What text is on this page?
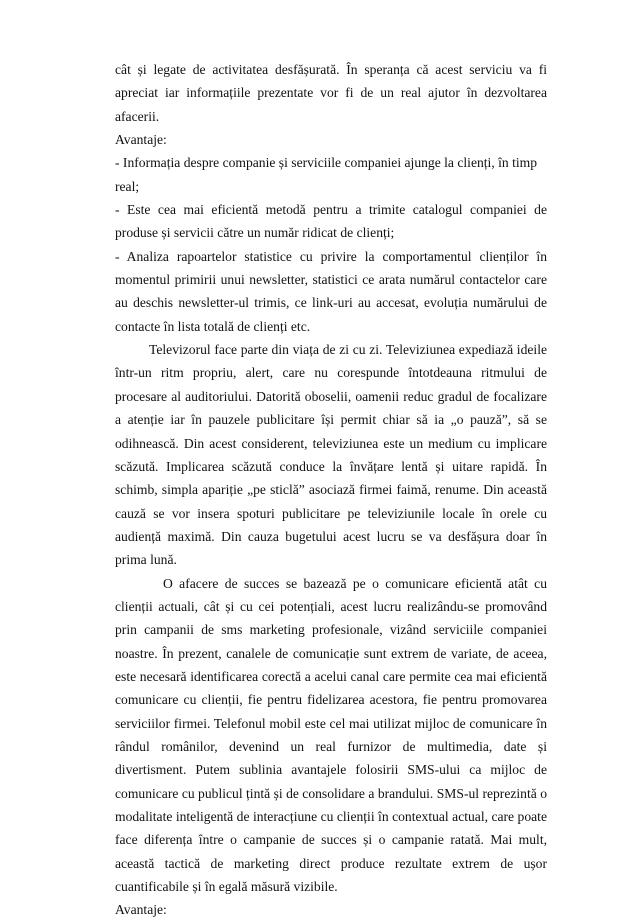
cât și legate de activitatea desfășurată. În speranța că acest serviciu va fi apreciat iar informațiile prezentate vor fi de un real ajutor în dezvoltarea afacerii.

Avantaje:

- Informația despre companie și serviciile companiei ajunge la clienți, în timp real;

- Este cea mai eficientă metodă pentru a trimite catalogul companiei de produse și servicii către un număr ridicat de clienți;

- Analiza rapoartelor statistice cu privire la comportamentul clienților în momentul primirii unui newsletter, statistici ce arata numărul contactelor care au deschis newsletter-ul trimis, ce link-uri au accesat, evoluția numărului de contacte în lista totală de clienți etc.

Televizorul face parte din viața de zi cu zi. Televiziunea expediază ideile într-un ritm propriu, alert, care nu corespunde întotdeauna ritmului de procesare al auditoriului. Datorită oboselii, oamenii reduc gradul de focalizare a atenție iar în pauzele publicitare își permit chiar să ia „o pauză”, să se odihnească. Din acest considerent, televiziunea este un medium cu implicare scăzută. Implicarea scăzută conduce la învățare lentă și uitare rapidă. În schimb, simpla apariție „pe sticlă” asociază firmei faimă, renume. Din această cauză se vor insera spoturi publicitare pe televiziunile locale în orele cu audiență maximă. Din cauza bugetului acest lucru se va desfășura doar în prima lună.

O afacere de succes se bazează pe o comunicare eficientă atât cu clienții actuali, cât și cu cei potențiali, acest lucru realizându-se promovând prin campanii de sms marketing profesionale, vizând serviciile companiei noastre. În prezent, canalele de comunicație sunt extrem de variate, de aceea, este necesară identificarea corectă a acelui canal care permite cea mai eficientă comunicare cu clienții, fie pentru fidelizarea acestora, fie pentru promovarea serviciilor firmei. Telefonul mobil este cel mai utilizat mijloc de comunicare în rândul românilor, devenind un real furnizor de multimedia, date și divertisment. Putem sublinia avantajele folosirii SMS-ului ca mijloc de comunicare cu publicul țintă și de consolidare a brandului. SMS-ul reprezintă o modalitate inteligentă de interacțiune cu clienții în contextual actual, care poate face diferența între o campanie de succes și o campanie ratată. Mai mult, această tactică de marketing direct produce rezultate extrem de ușor cuantificabile și în egală măsură vizibile.

Avantaje:
